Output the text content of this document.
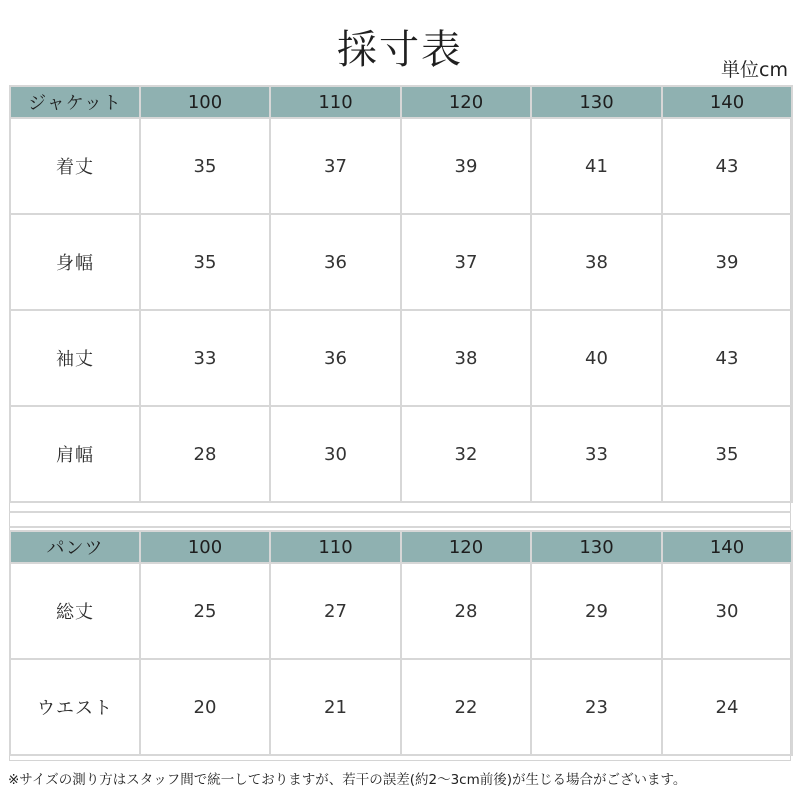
採寸表	単位cm
ジャケット	100	110	120	130	140
着丈	35	37	39	41	43
身幅	35	36	37	38	39
袖丈	33	36	38	40	43
肩幅	28	30	32	33	35
パンツ	100	110	120	130	140
総丈	25	27	28	29	30
ウエスト	20	21	22	23	24
※サイズの測り方はスタッフ間で統一しておりますが、若干の誤差(約2～3cm前後)が生じる場合がございます。
